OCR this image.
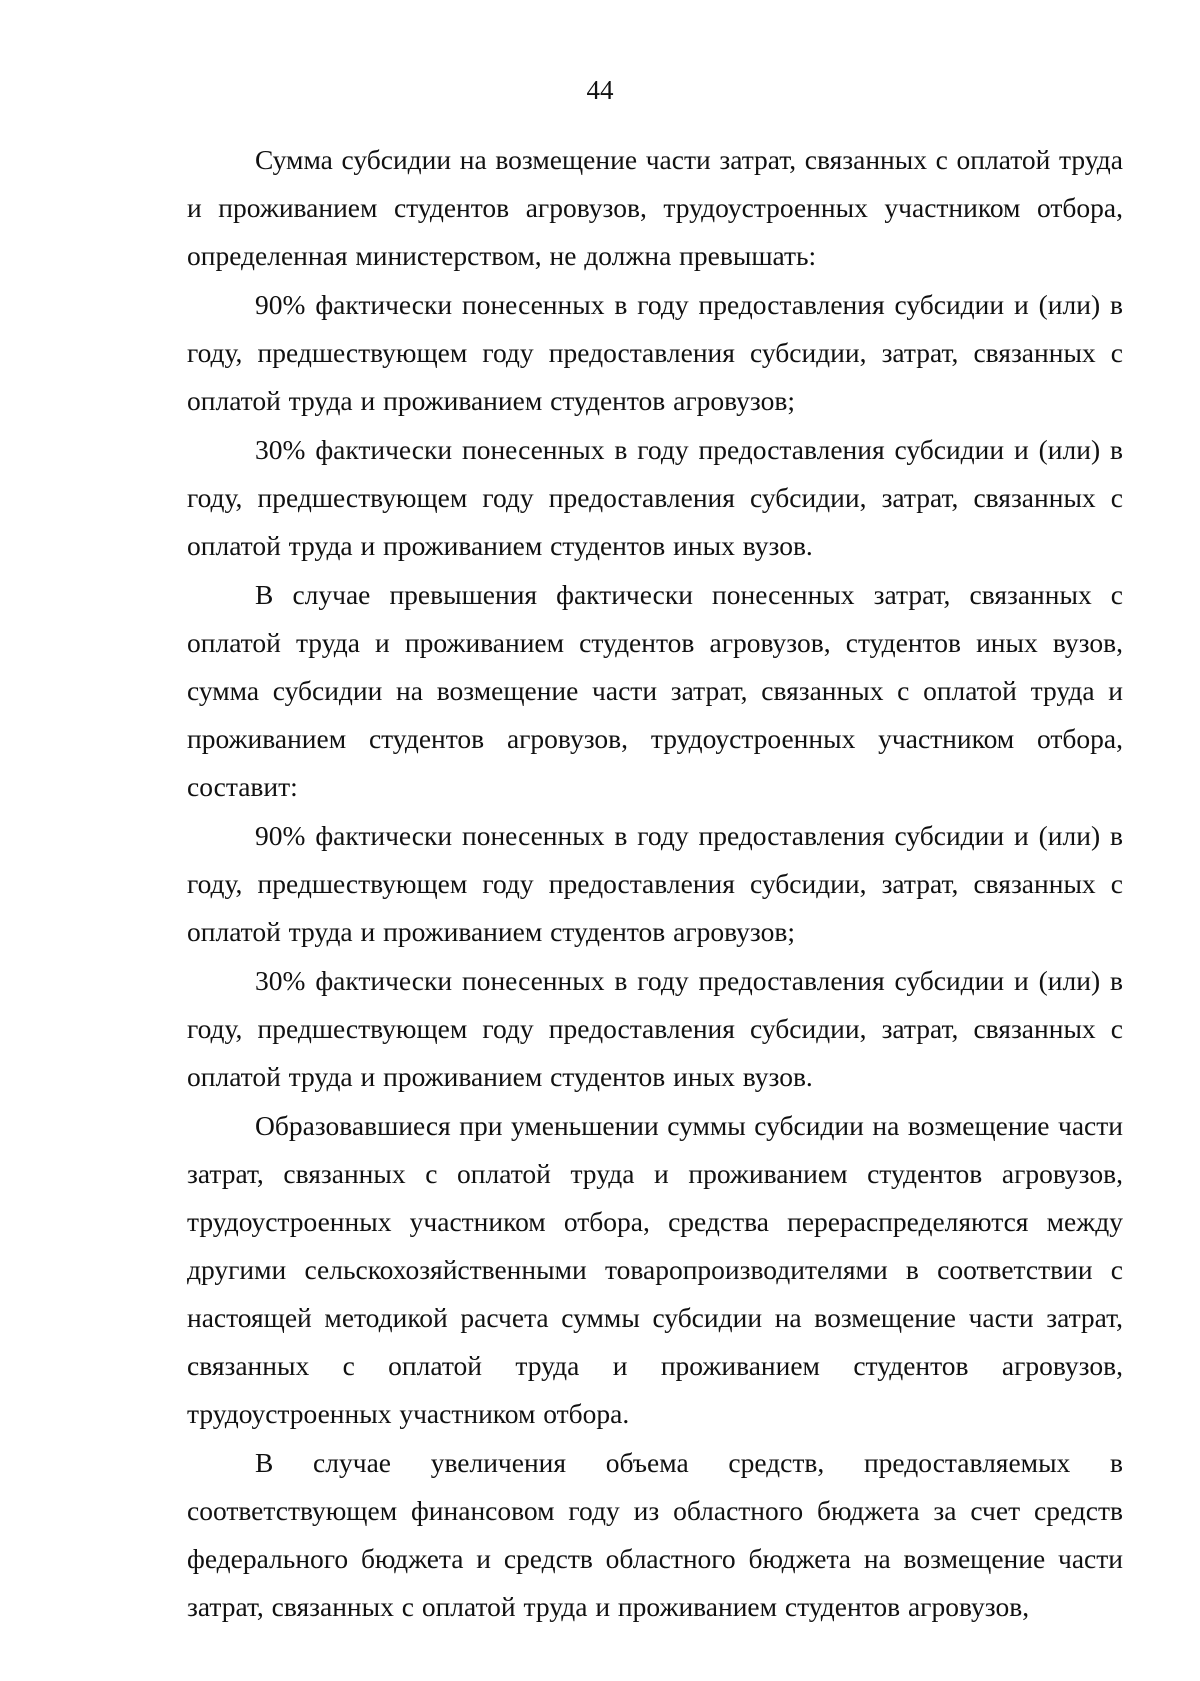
44

Сумма субсидии на возмещение части затрат, связанных с оплатой труда и проживанием студентов агровузов, трудоустроенных участником отбора, определенная министерством, не должна превышать:

90% фактически понесенных в году предоставления субсидии и (или) в году, предшествующем году предоставления субсидии, затрат, связанных с оплатой труда и проживанием студентов агровузов;

30% фактически понесенных в году предоставления субсидии и (или) в году, предшествующем году предоставления субсидии, затрат, связанных с оплатой труда и проживанием студентов иных вузов.

В случае превышения фактически понесенных затрат, связанных с оплатой труда и проживанием студентов агровузов, студентов иных вузов, сумма субсидии на возмещение части затрат, связанных с оплатой труда и проживанием студентов агровузов, трудоустроенных участником отбора, составит:

90% фактически понесенных в году предоставления субсидии и (или) в году, предшествующем году предоставления субсидии, затрат, связанных с оплатой труда и проживанием студентов агровузов;

30% фактически понесенных в году предоставления субсидии и (или) в году, предшествующем году предоставления субсидии, затрат, связанных с оплатой труда и проживанием студентов иных вузов.

Образовавшиеся при уменьшении суммы субсидии на возмещение части затрат, связанных с оплатой труда и проживанием студентов агровузов, трудоустроенных участником отбора, средства перераспределяются между другими сельскохозяйственными товаропроизводителями в соответствии с настоящей методикой расчета суммы субсидии на возмещение части затрат, связанных с оплатой труда и проживанием студентов агровузов, трудоустроенных участником отбора.

В случае увеличения объема средств, предоставляемых в соответствующем финансовом году из областного бюджета за счет средств федерального бюджета и средств областного бюджета на возмещение части затрат, связанных с оплатой труда и проживанием студентов агровузов,
